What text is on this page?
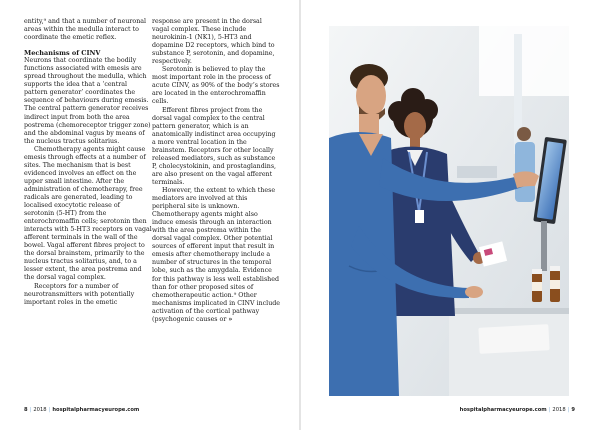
entity,⁹ and that a number of neuronal areas within the medulla interact to coordinate the emetic reflex.

Mechanisms of CINV

Neurons that coordinate the bodily functions associated with emesis are spread throughout the medulla, which supports the idea that a ‘central pattern generator’ coordinates the sequence of behaviours during emesis. The central pattern generator receives indirect input from both the area postrema (chemoreceptor trigger zone) and the abdominal vagus by means of the nucleus tractus solitarius.

Chemotherapy agents might cause emesis through effects at a number of sites. The mechanism that is best evidenced involves an effect on the upper small intestine. After the administration of chemotherapy, free radicals are generated, leading to localised exocytotic release of serotonin (5-HT) from the enterochromaffin cells; serotonin then interacts with 5-HT3 receptors on vagal afferent terminals in the wall of the bowel. Vagal afferent fibres project to the dorsal brainstem, primarily to the nucleus tractus solitarius, and, to a lesser extent, the area postrema and the dorsal vagal complex.

Receptors for a number of neurotransmitters with potentially important roles in the emetic

response are present in the dorsal vagal complex. These include neurokinin-1 (NK1), 5-HT3 and dopamine D2 receptors, which bind to substance P, serotonin, and dopamine, respectively.

Serotonin is believed to play the most important role in the process of acute CINV, as 90% of the body’s stores are located in the enterochromaffin cells.

Efferent fibres project from the dorsal vagal complex to the central pattern generator, which is an anatomically indistinct area occupying a more ventral location in the brainstem. Receptors for other locally released mediators, such as substance P, cholecystokinin, and prostaglandins, are also present on the vagal afferent terminals.

However, the extent to which these mediators are involved at this peripheral site is unknown. Chemotherapy agents might also induce emesis through an interaction with the area postrema within the dorsal vagal complex. Other potential sources of efferent input that result in emesis after chemotherapy include a number of structures in the temporal lobe, such as the amygdala. Evidence for this pathway is less well established than for other proposed sites of chemotherapeutic action.⁹ Other mechanisms implicated in CINV include activation of the cortical pathway (psychogenic causes or »

8 | 2018 | hospitalpharmacyeurope.com	hospitalpharmacyeurope.com | 2018 | 9
